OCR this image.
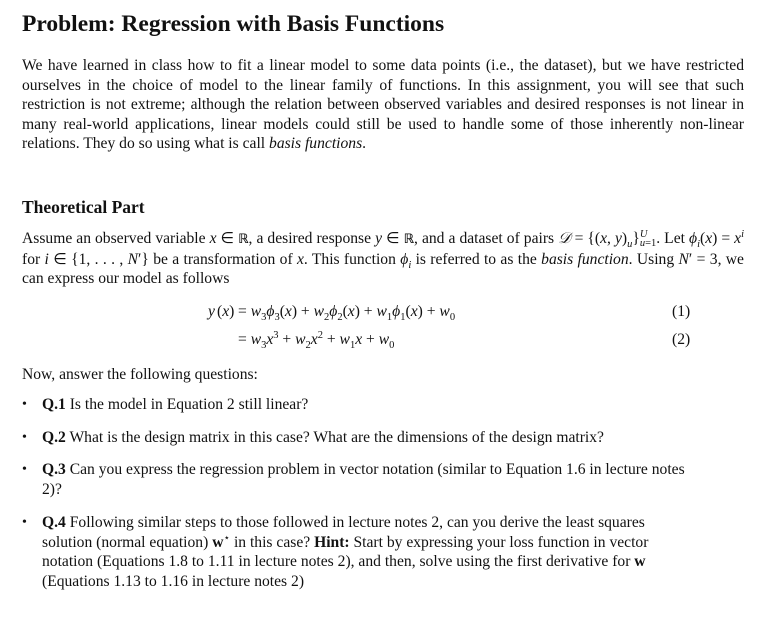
Problem: Regression with Basis Functions

We have learned in class how to fit a linear model to some data points (i.e., the dataset), but we have restricted ourselves in the choice of model to the linear family of functions. In this assignment, you will see that such restriction is not extreme; although the relation between observed variables and desired responses is not linear in many real-world applications, linear models could still be used to handle some of those inherently non-linear relations. They do so using what is call basis functions.

Theoretical Part

Assume an observed variable x ∈ ℝ, a desired response y ∈ ℝ, and a dataset of pairs 𝒟 = {(x, $y)_u$} U
u=1 . Let $\phi_i(x) = x^i$ for i ∈ {1, . . . , N′} be a transformation of x. This function $\phi_i$ is referred to as the basis function. Using N′ = 3, we can express our model as follows

y $(x) = w_3\phi_3(x) + w_2\phi_2(x) + w_1\phi_1(x) + w_0$	(1)
= $w_3x^3 + w_2x^2 + w_1x + w_0$	(2)

Now, answer the following questions:

• Q.1 Is the model in Equation 2 still linear?
• Q.2 What is the design matrix in this case? What are the dimensions of the design matrix?
• Q.3 Can you express the regression problem in vector notation (similar to Equation 1.6 in lecture notes 2)?
• Q.4 Following similar steps to those followed in lecture notes 2, can you derive the least squares solution (normal equation) w⋆ in this case? Hint: Start by expressing your loss function in vector notation (Equations 1.8 to 1.11 in lecture notes 2), and then, solve using the first derivative for w (Equations 1.13 to 1.16 in lecture notes 2)
